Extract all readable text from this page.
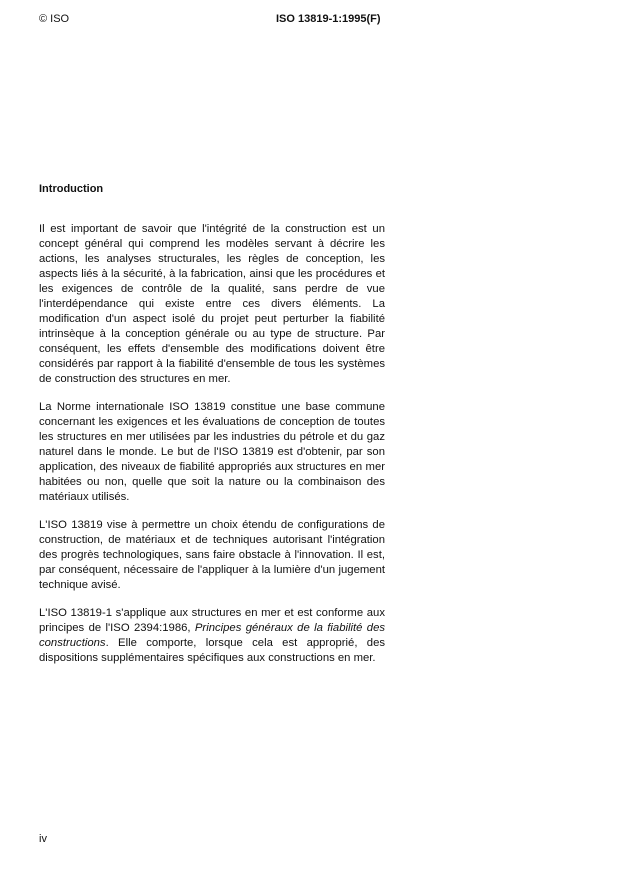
© ISO	ISO 13819-1:1995(F)
Introduction

Il est important de savoir que l'intégrité de la construction est un concept général qui comprend les modèles servant à décrire les actions, les analyses structurales, les règles de conception, les aspects liés à la sécurité, à la fabrication, ainsi que les procédures et les exigences de contrôle de la qualité, sans perdre de vue l'interdépendance qui existe entre ces divers éléments. La modification d'un aspect isolé du projet peut perturber la fiabilité intrinsèque à la conception générale ou au type de structure. Par conséquent, les effets d'ensemble des modifications doivent être considérés par rapport à la fiabilité d'ensemble de tous les systèmes de construction des structures en mer.

La Norme internationale ISO 13819 constitue une base commune concernant les exigences et les évaluations de conception de toutes les structures en mer utilisées par les industries du pétrole et du gaz naturel dans le monde. Le but de l'ISO 13819 est d'obtenir, par son application, des niveaux de fiabilité appropriés aux structures en mer habitées ou non, quelle que soit la nature ou la combinaison des matériaux utilisés.

L'ISO 13819 vise à permettre un choix étendu de configurations de construction, de matériaux et de techniques autorisant l'intégration des progrès technologiques, sans faire obstacle à l'innovation. Il est, par conséquent, nécessaire de l'appliquer à la lumière d'un jugement technique avisé.

L'ISO 13819-1 s'applique aux structures en mer et est conforme aux principes de l'ISO 2394:1986, Principes généraux de la fiabilité des constructions. Elle comporte, lorsque cela est approprié, des dispositions supplémentaires spécifiques aux constructions en mer.

iv
